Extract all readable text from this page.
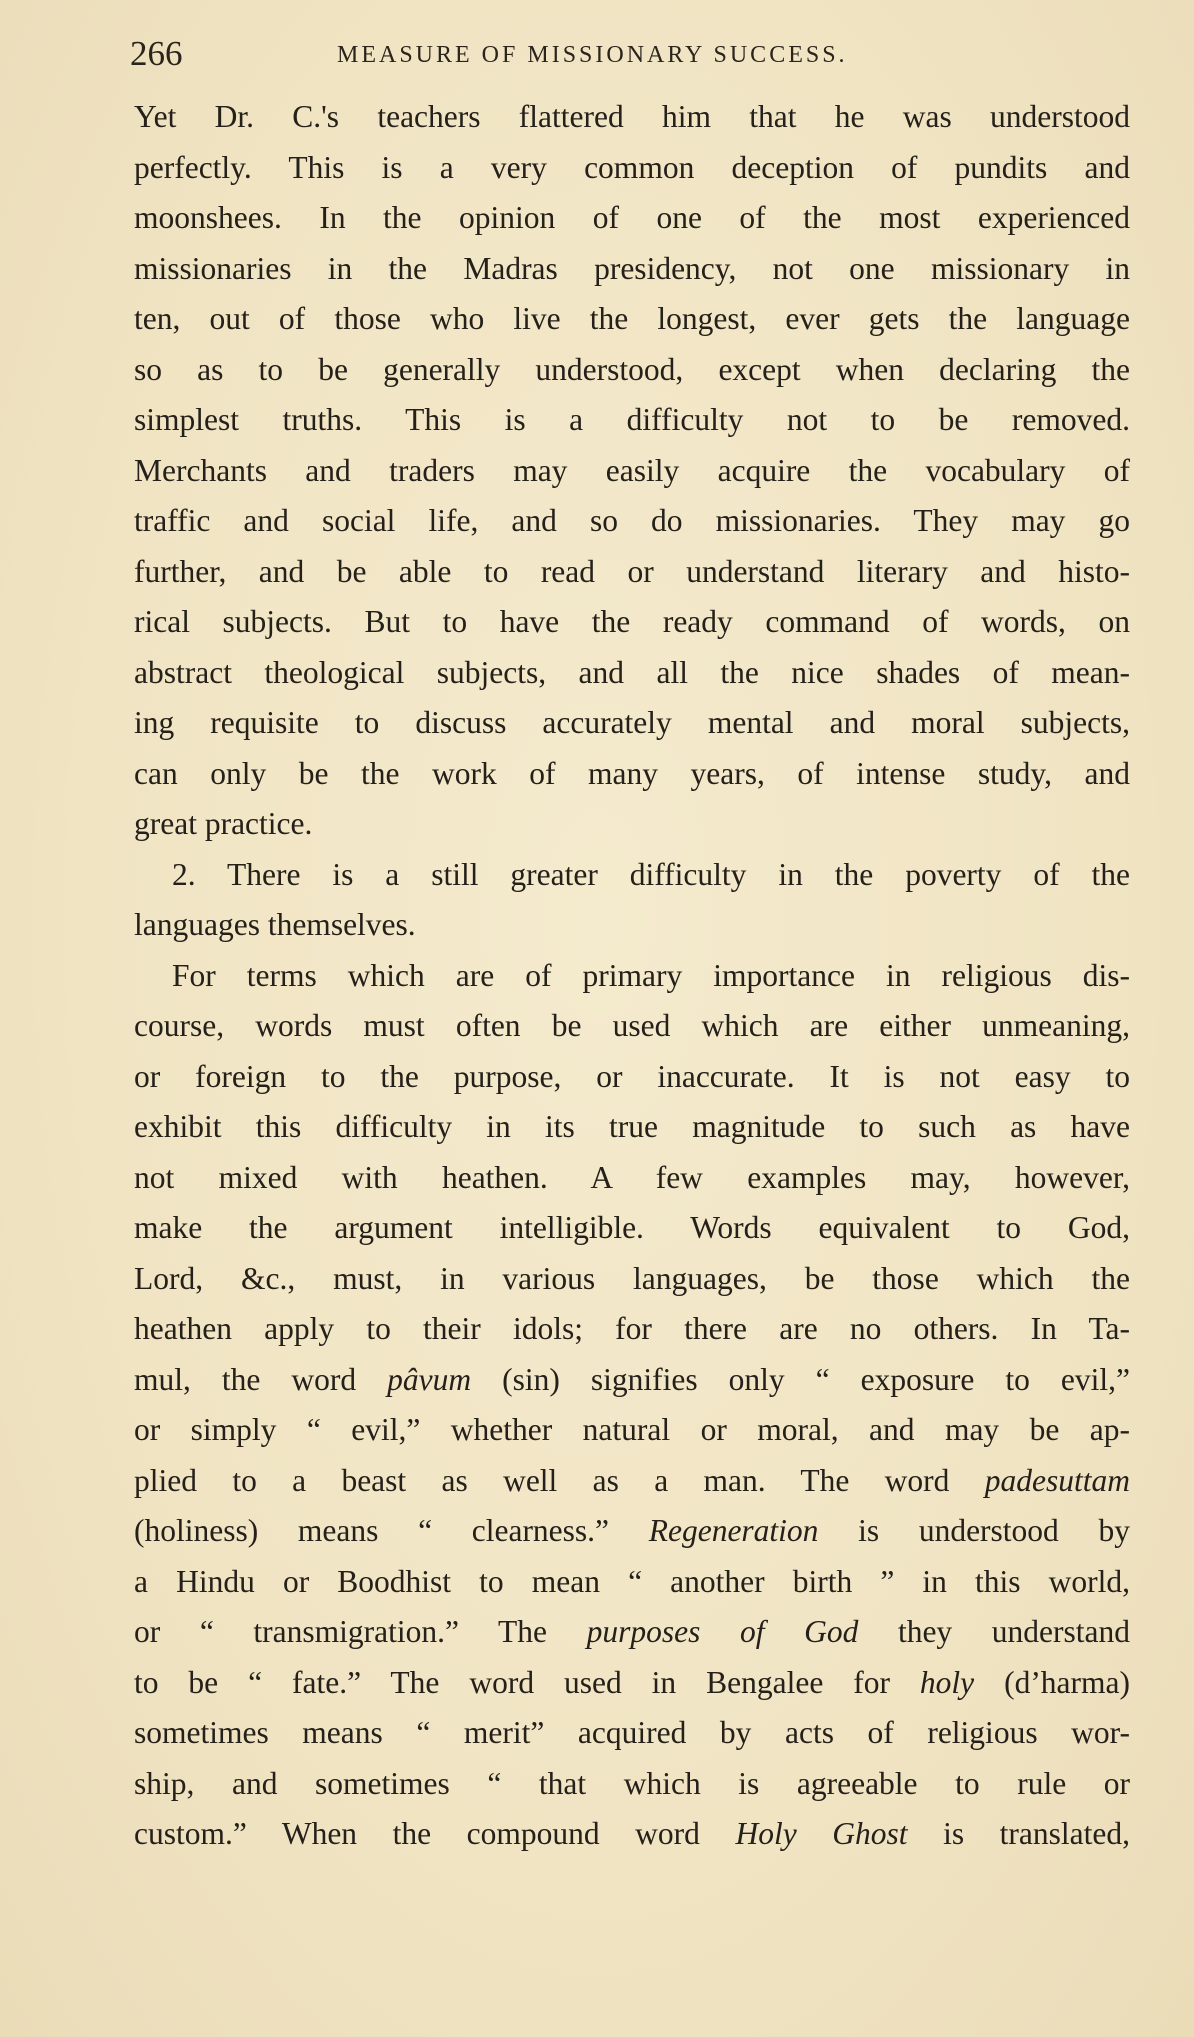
266	MEASURE OF MISSIONARY SUCCESS.
Yet Dr. C.'s teachers flattered him that he was understood
perfectly. This is a very common deception of pundits and
moonshees. In the opinion of one of the most experienced
missionaries in the Madras presidency, not one missionary in
ten, out of those who live the longest, ever gets the language
so as to be generally understood, except when declaring the
simplest truths. This is a difficulty not to be removed.
Merchants and traders may easily acquire the vocabulary of
traffic and social life, and so do missionaries. They may go
further, and be able to read or understand literary and histo-
rical subjects. But to have the ready command of words, on
abstract theological subjects, and all the nice shades of mean-
ing requisite to discuss accurately mental and moral subjects,
can only be the work of many years, of intense study, and
great practice.
2. There is a still greater difficulty in the poverty of the
languages themselves.
For terms which are of primary importance in religious dis-
course, words must often be used which are either unmeaning,
or foreign to the purpose, or inaccurate. It is not easy to
exhibit this difficulty in its true magnitude to such as have
not mixed with heathen. A few examples may, however,
make the argument intelligible. Words equivalent to God,
Lord, &c., must, in various languages, be those which the
heathen apply to their idols; for there are no others. In Ta-
mul, the word pâvum (sin) signifies only “ exposure to evil,”
or simply “ evil,” whether natural or moral, and may be ap-
plied to a beast as well as a man. The word padesuttam
(holiness) means “ clearness.” Regeneration is understood by
a Hindu or Boodhist to mean “ another birth ” in this world,
or “ transmigration.” The purposes of God they understand
to be “ fate.” The word used in Bengalee for holy (d’harma)
sometimes means “ merit” acquired by acts of religious wor-
ship, and sometimes “ that which is agreeable to rule or
custom.” When the compound word Holy Ghost is translated,
